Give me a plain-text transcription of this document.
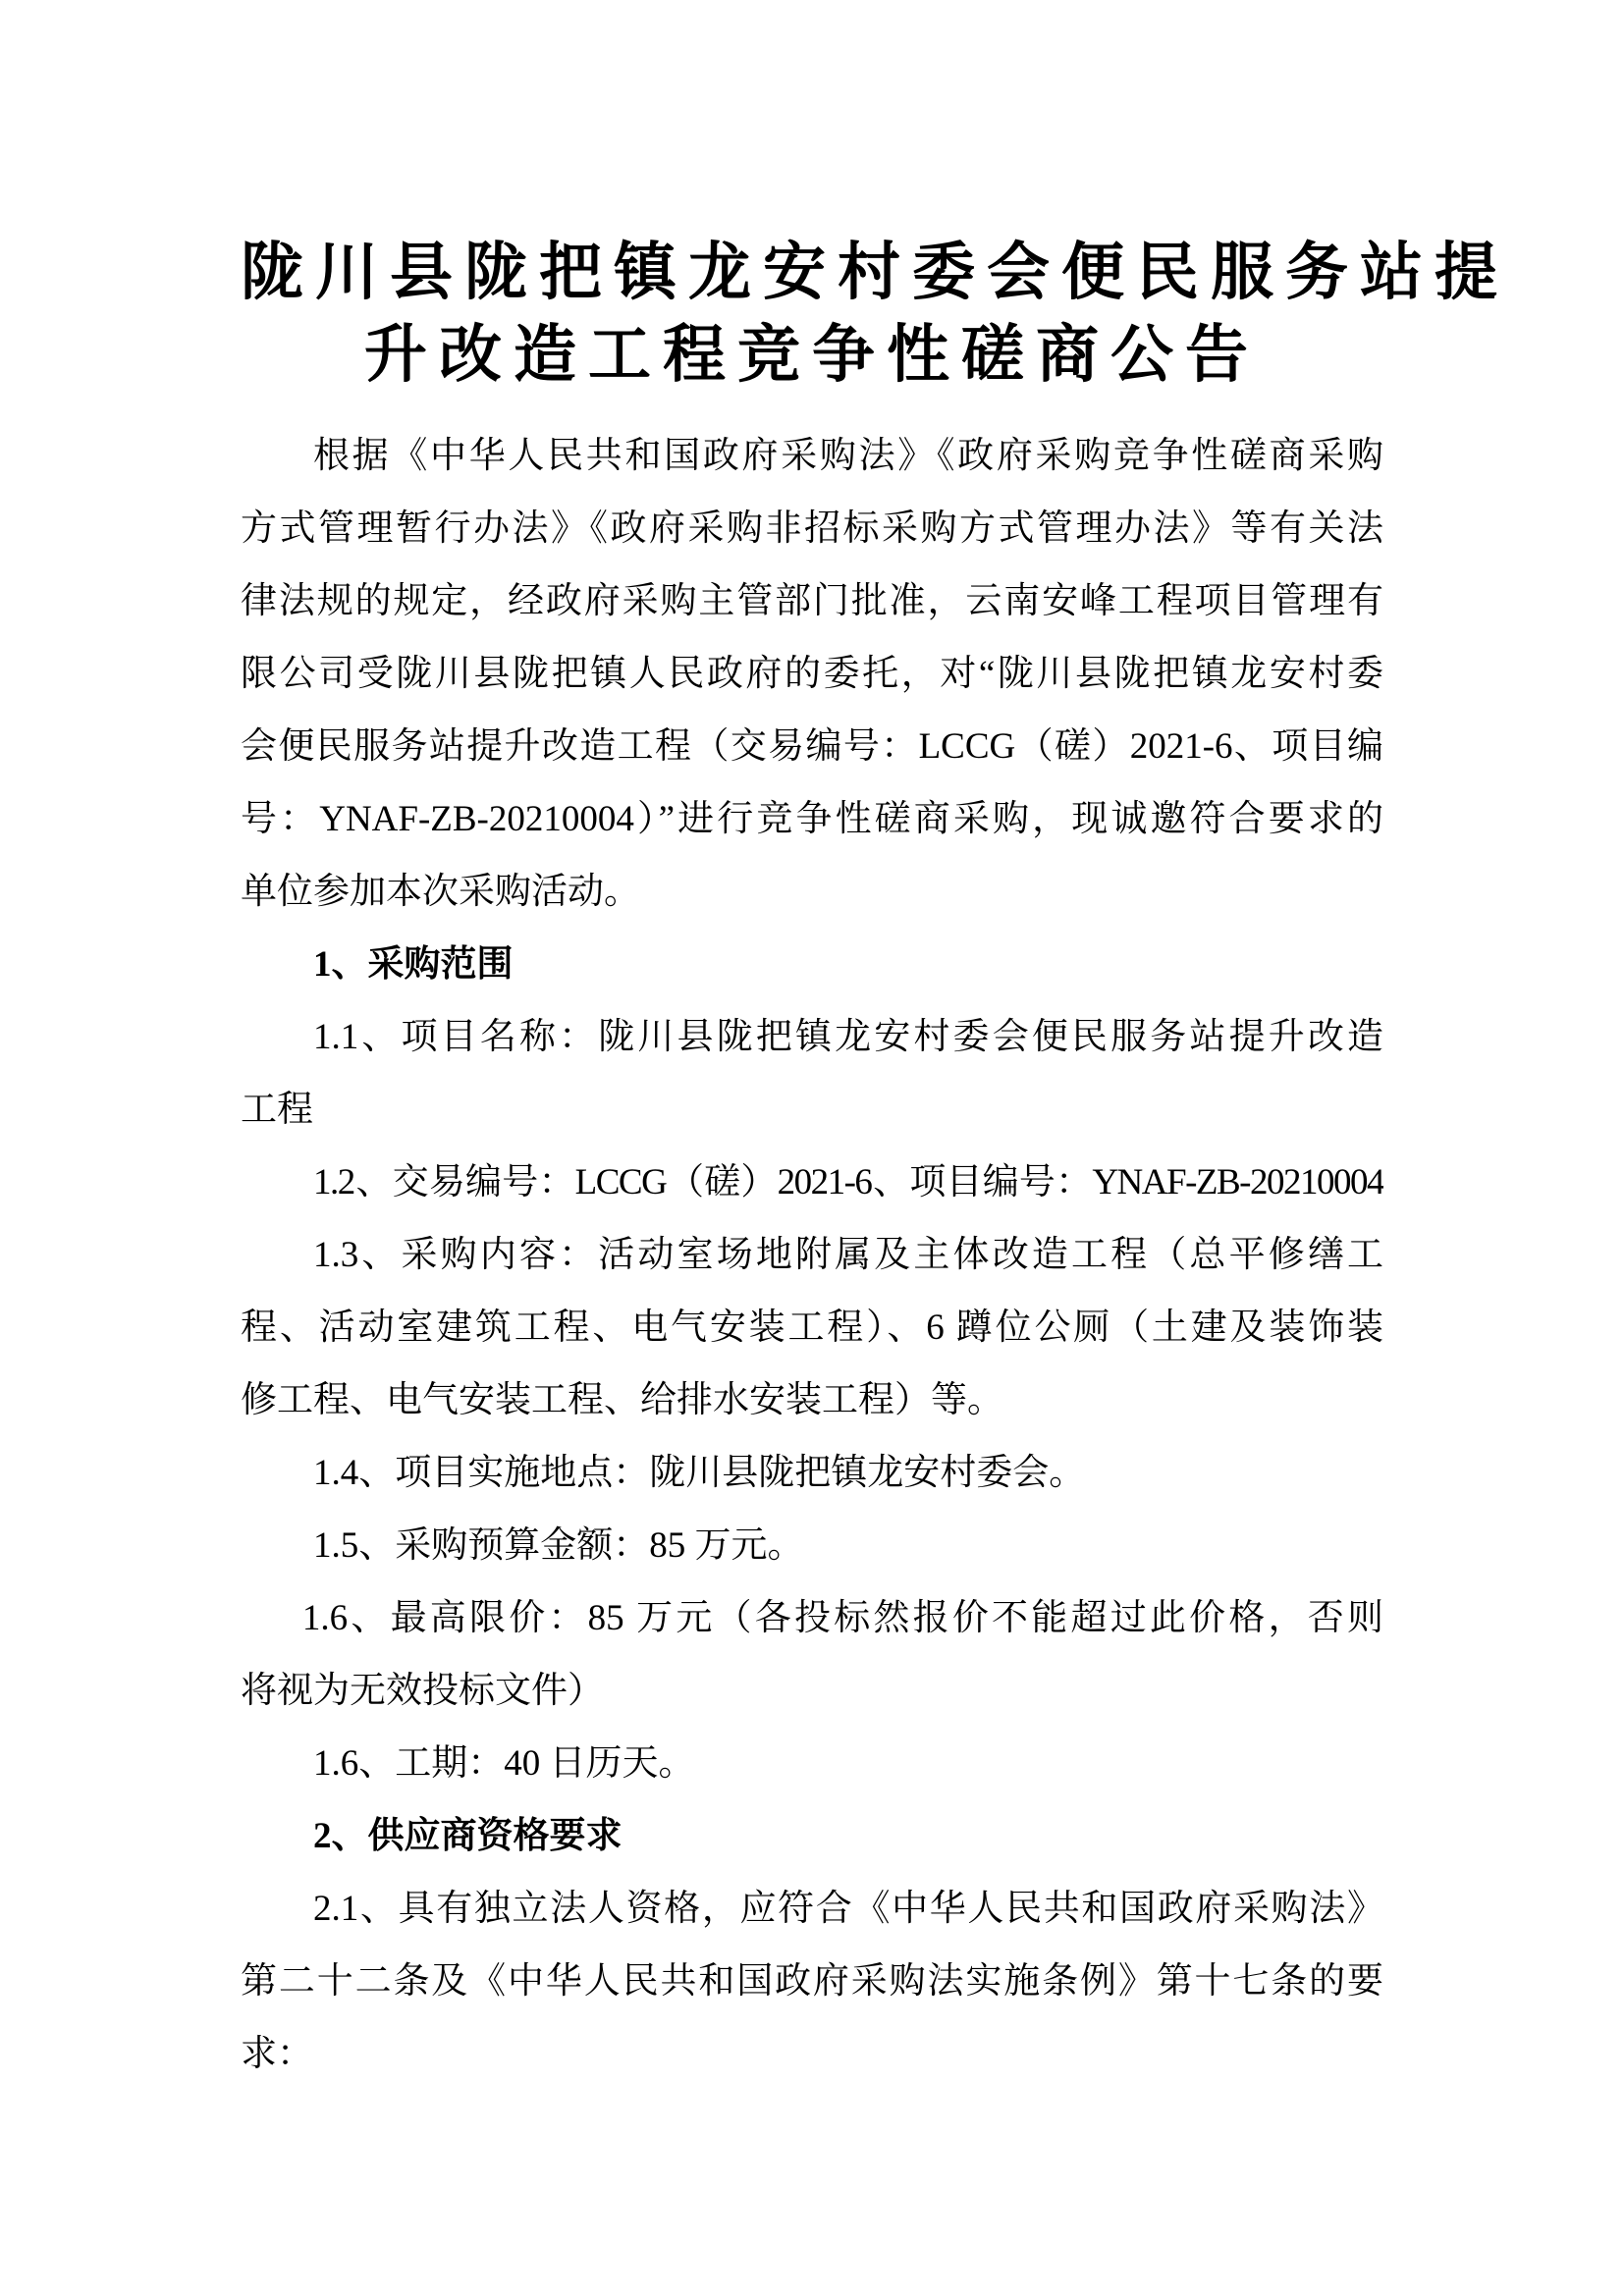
陇川县陇把镇龙安村委会便民服务站提
升改造工程竞争性磋商公告
根据《中华人民共和国政府采购法》《政府采购竞争性磋商采购
方式管理暂行办法》《政府采购非招标采购方式管理办法》等有关法
律法规的规定，经政府采购主管部门批准，云南安峰工程项目管理有
限公司受陇川县陇把镇人民政府的委托，对“陇川县陇把镇龙安村委
会便民服务站提升改造工程（交易编号：LCCG（磋）2021-6、项目编
号：YNAF-ZB-20210004）”进行竞争性磋商采购，现诚邀符合要求的
单位参加本次采购活动。
1、采购范围
1.1、项目名称：陇川县陇把镇龙安村委会便民服务站提升改造
工程
1.2、交易编号：LCCG（磋）2021-6、项目编号：YNAF-ZB-20210004
1.3、采购内容：活动室场地附属及主体改造工程（总平修缮工
程、活动室建筑工程、电气安装工程）、6 蹲位公厕（土建及装饰装
修工程、电气安装工程、给排水安装工程）等。
1.4、项目实施地点：陇川县陇把镇龙安村委会。
1.5、采购预算金额：85 万元。
1.6、最高限价：85 万元（各投标然报价不能超过此价格，否则
将视为无效投标文件）
1.6、工期：40 日历天。
2、供应商资格要求
2.1、具有独立法人资格，应符合《中华人民共和国政府采购法》
第二十二条及《中华人民共和国政府采购法实施条例》第十七条的要
求：
